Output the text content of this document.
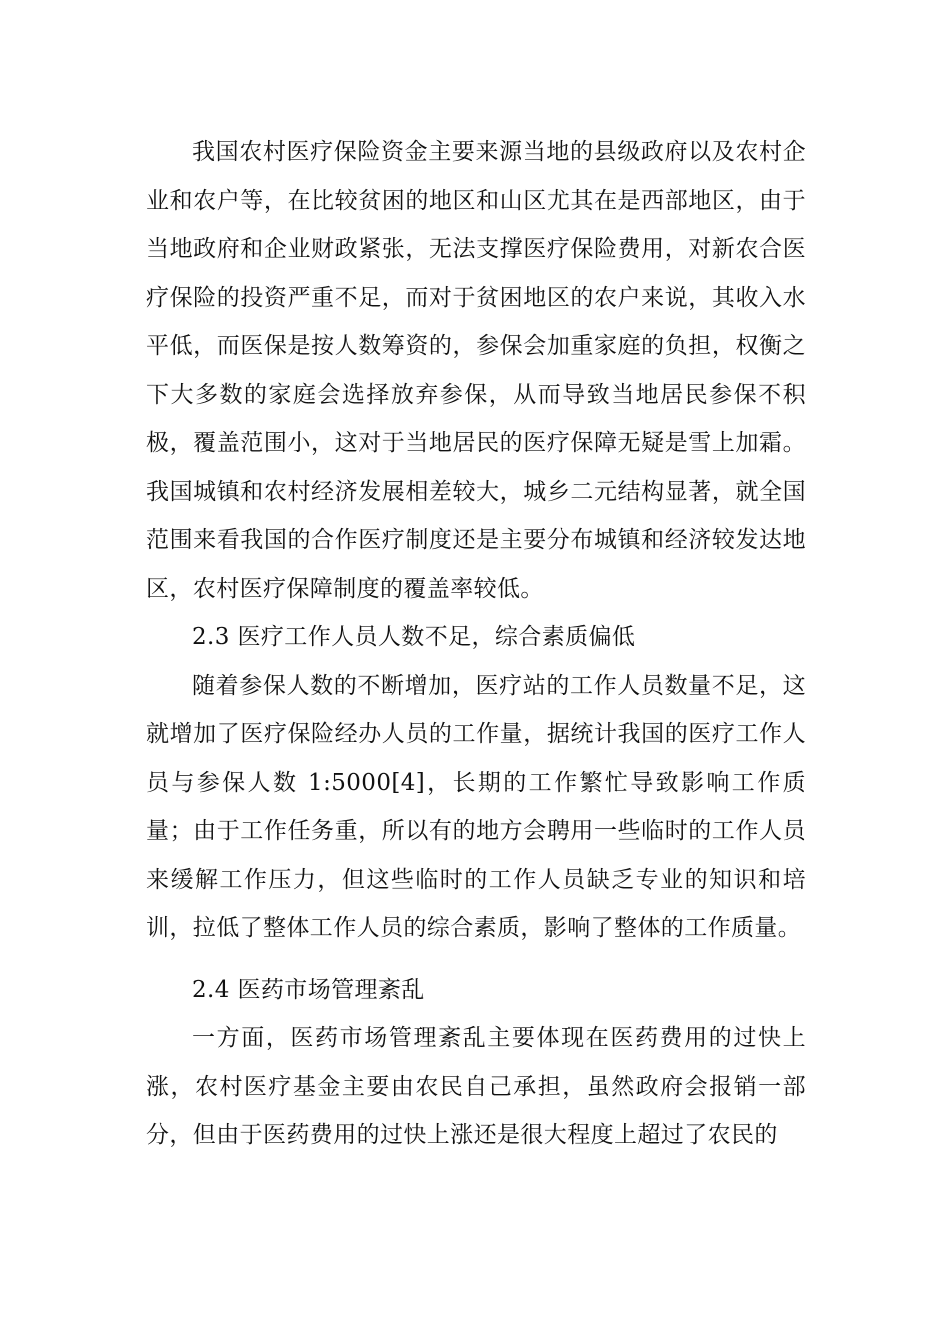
我国农村医疗保险资金主要来源当地的县级政府以及农村企业和农户等，在比较贫困的地区和山区尤其在是西部地区，由于当地政府和企业财政紧张，无法支撑医疗保险费用，对新农合医疗保险的投资严重不足，而对于贫困地区的农户来说，其收入水平低，而医保是按人数筹资的，参保会加重家庭的负担，权衡之下大多数的家庭会选择放弃参保，从而导致当地居民参保不积极，覆盖范围小，这对于当地居民的医疗保障无疑是雪上加霜。我国城镇和农村经济发展相差较大，城乡二元结构显著，就全国范围来看我国的合作医疗制度还是主要分布城镇和经济较发达地区，农村医疗保障制度的覆盖率较低。

2.3 医疗工作人员人数不足，综合素质偏低

随着参保人数的不断增加，医疗站的工作人员数量不足，这就增加了医疗保险经办人员的工作量，据统计我国的医疗工作人员与参保人数 1:5000[4]，长期的工作繁忙导致影响工作质量；由于工作任务重，所以有的地方会聘用一些临时的工作人员来缓解工作压力，但这些临时的工作人员缺乏专业的知识和培训，拉低了整体工作人员的综合素质，影响了整体的工作质量。

2.4 医药市场管理紊乱

一方面，医药市场管理紊乱主要体现在医药费用的过快上涨，农村医疗基金主要由农民自己承担，虽然政府会报销一部分，但由于医药费用的过快上涨还是很大程度上超过了农民的
